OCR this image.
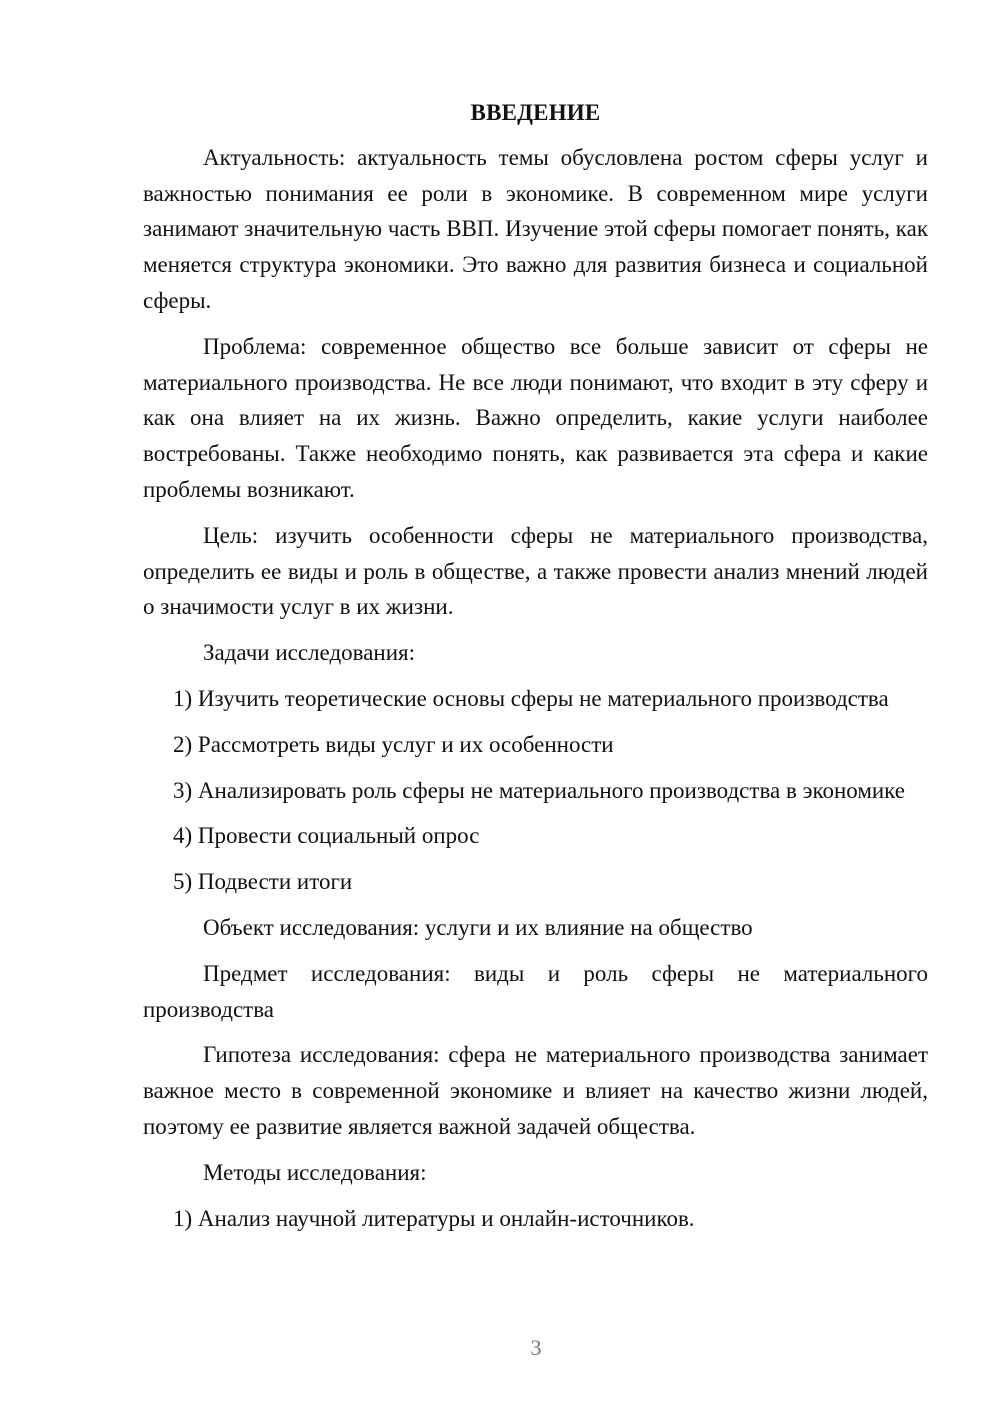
ВВЕДЕНИЕ

Актуальность: актуальность темы обусловлена ростом сферы услуг и важностью понимания ее роли в экономике. В современном мире услуги занимают значительную часть ВВП. Изучение этой сферы помогает понять, как меняется структура экономики. Это важно для развития бизнеса и социальной сферы.

Проблема: современное общество все больше зависит от сферы не материального производства. Не все люди понимают, что входит в эту сферу и как она влияет на их жизнь. Важно определить, какие услуги наиболее востребованы. Также необходимо понять, как развивается эта сфера и какие проблемы возникают.

Цель: изучить особенности сферы не материального производства, определить ее виды и роль в обществе, а также провести анализ мнений людей о значимости услуг в их жизни.

Задачи исследования:

1) Изучить теоретические основы сферы не материального производства

2) Рассмотреть виды услуг и их особенности

3) Анализировать роль сферы не материального производства в экономике

4) Провести социальный опрос

5) Подвести итоги

Объект исследования: услуги и их влияние на общество

Предмет исследования: виды и роль сферы не материального производства

Гипотеза исследования: сфера не материального производства занимает важное место в современной экономике и влияет на качество жизни людей, поэтому ее развитие является важной задачей общества.

Методы исследования:

1) Анализ научной литературы и онлайн-источников.

3
